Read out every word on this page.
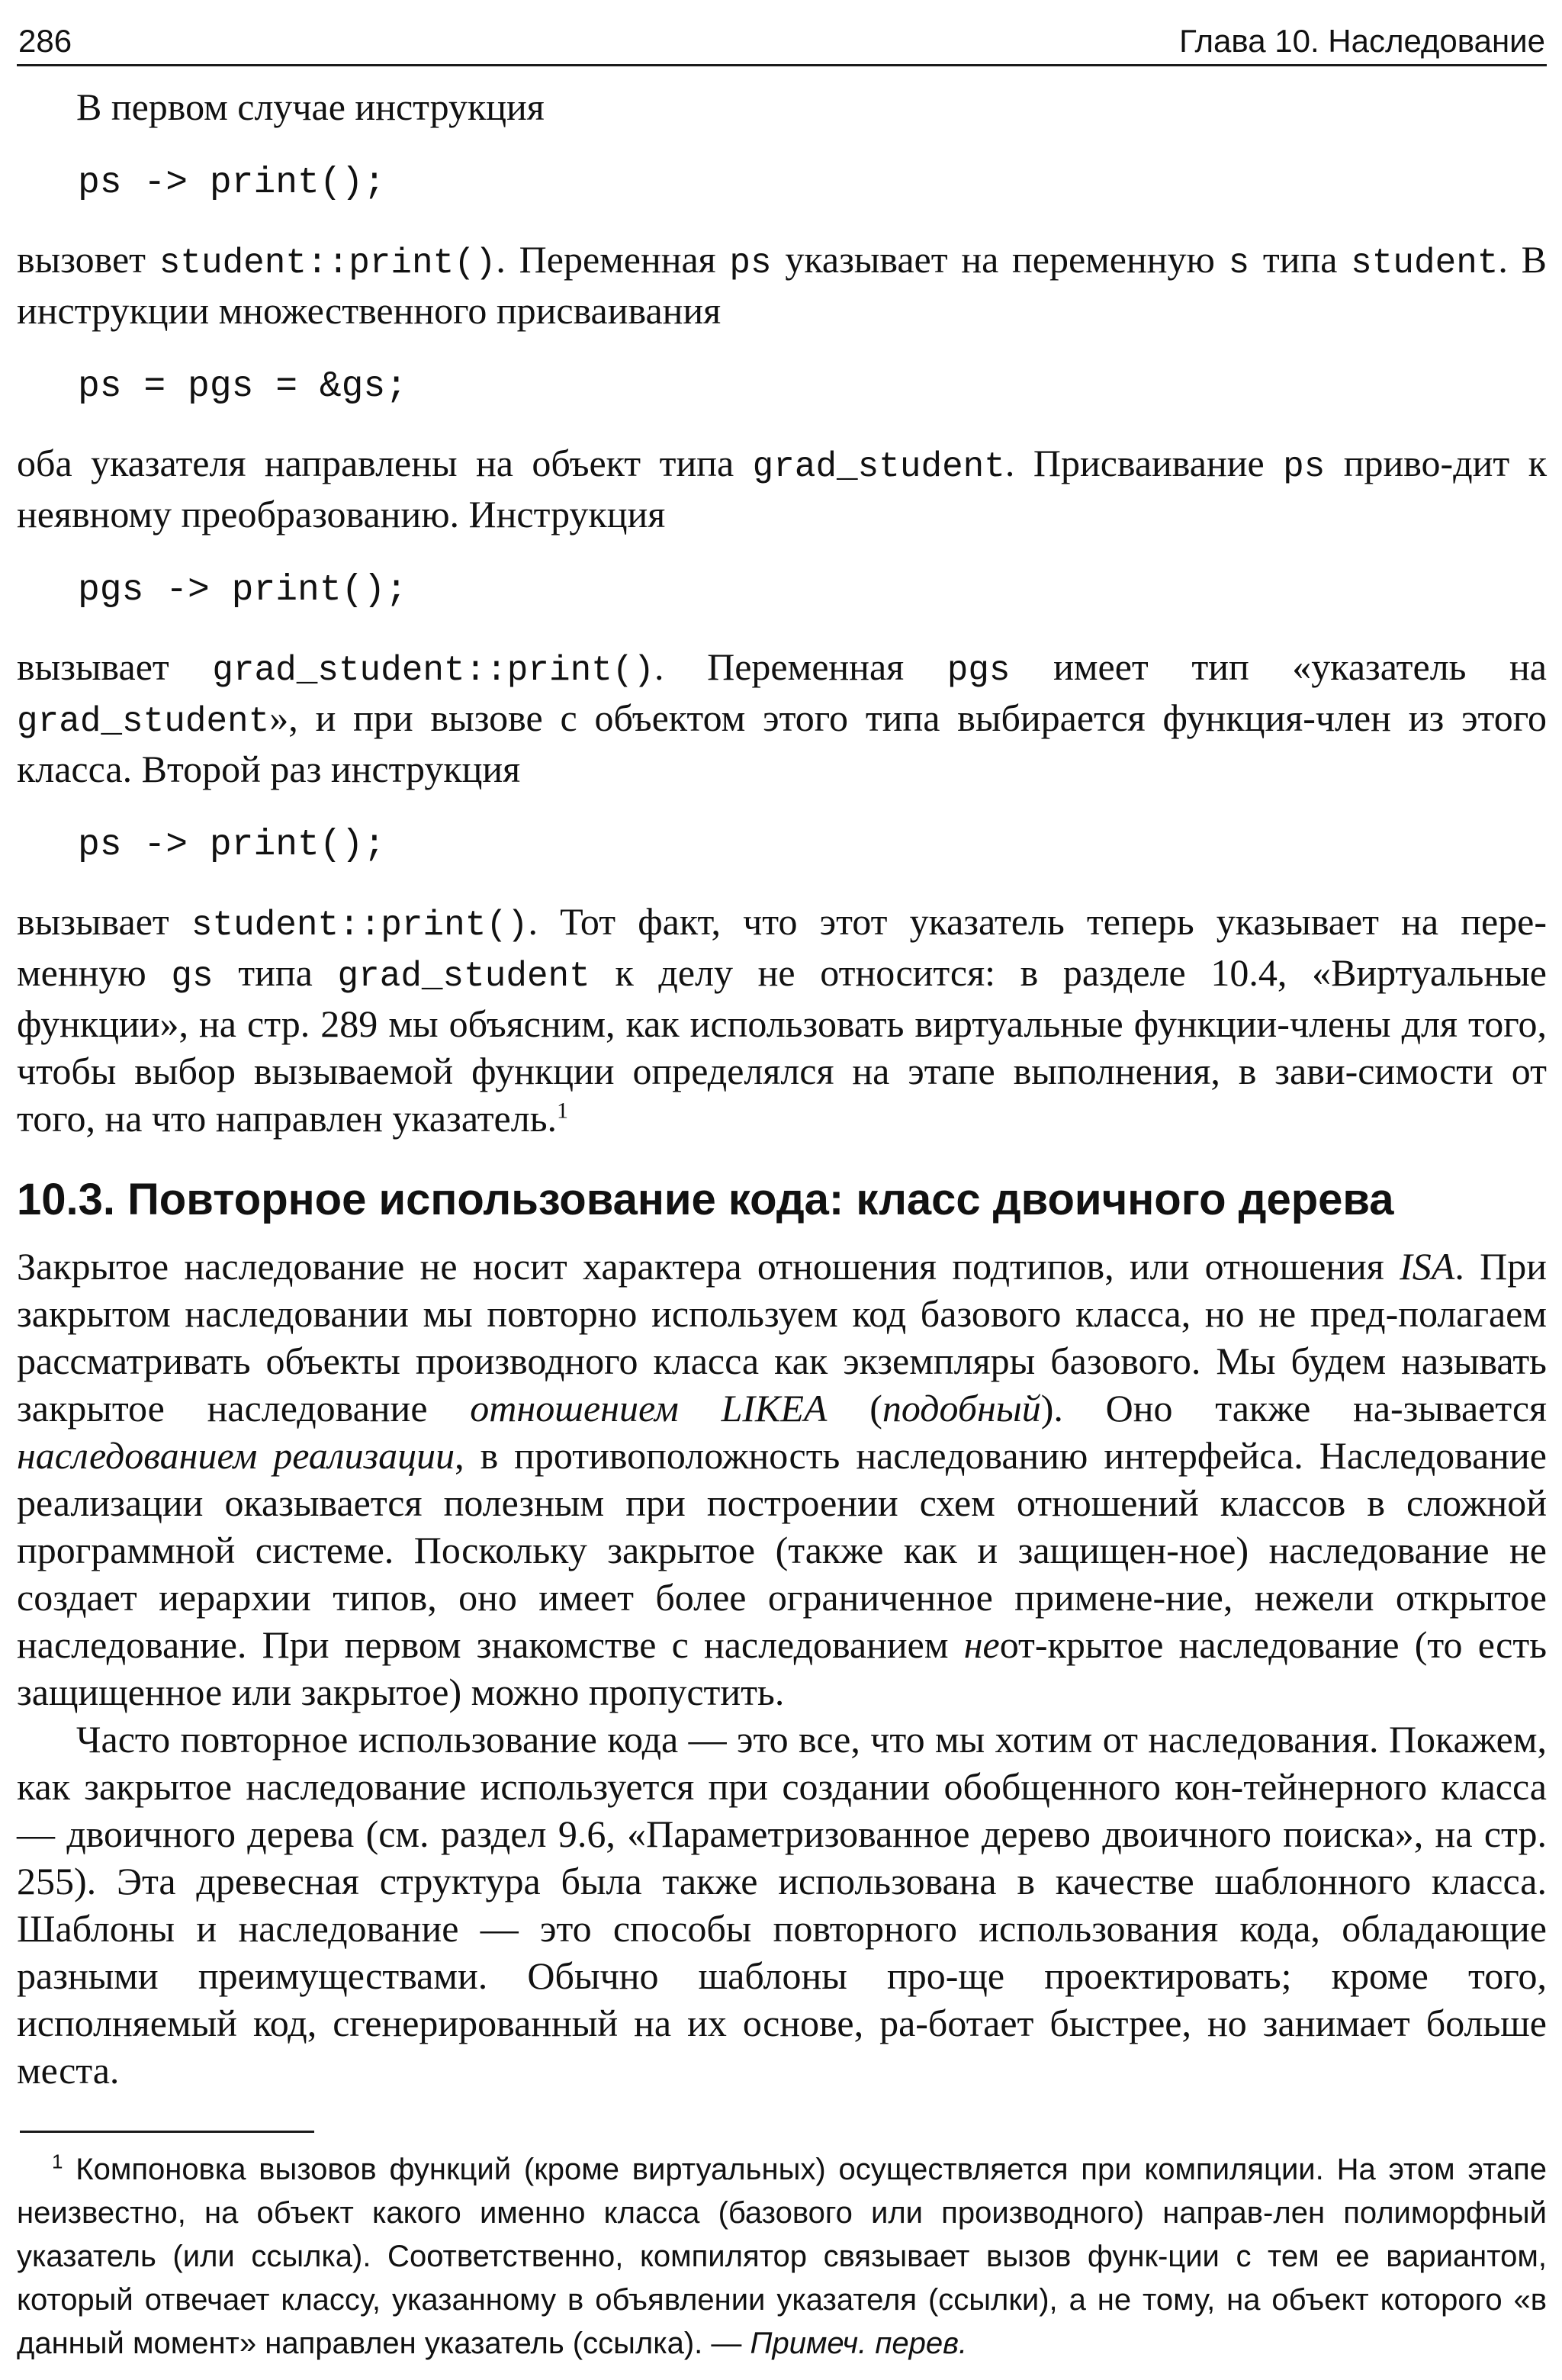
286	Глава 10. Наследование

В первом случае инструкция

ps -> print();

вызовет student::print(). Переменная ps указывает на переменную s типа student. В инструкции множественного присваивания

ps = pgs = &gs;

оба указателя направлены на объект типа grad_student. Присваивание ps приво-дит к неявному преобразованию. Инструкция

pgs -> print();

вызывает grad_student::print(). Переменная pgs имеет тип «указатель на grad_student», и при вызове с объектом этого типа выбирается функция-член из этого класса. Второй раз инструкция

ps -> print();

вызывает student::print(). Тот факт, что этот указатель теперь указывает на пере-менную gs типа grad_student к делу не относится: в разделе 10.4, «Виртуальные функции», на стр. 289 мы объясним, как использовать виртуальные функции-члены для того, чтобы выбор вызываемой функции определялся на этапе выполнения, в зави-симости от того, на что направлен указатель.$^1$

10.3. Повторное использование кода: класс двоичного дерева

Закрытое наследование не носит характера отношения подтипов, или отношения ISA. При закрытом наследовании мы повторно используем код базового класса, но не пред-полагаем рассматривать объекты производного класса как экземпляры базового. Мы будем называть закрытое наследование отношением LIKEA (подобный). Оно также на-зывается наследованием реализации, в противоположность наследованию интерфейса. Наследование реализации оказывается полезным при построении схем отношений классов в сложной программной системе. Поскольку закрытое (также как и защищен-ное) наследование не создает иерархии типов, оно имеет более ограниченное примене-ние, нежели открытое наследование. При первом знакомстве с наследованием неот-крытое наследование (то есть защищенное или закрытое) можно пропустить.

Часто повторное использование кода — это все, что мы хотим от наследования. Покажем, как закрытое наследование используется при создании обобщенного кон-тейнерного класса — двоичного дерева (см. раздел 9.6, «Параметризованное дерево двоичного поиска», на стр. 255). Эта древесная структура была также использована в качестве шаблонного класса. Шаблоны и наследование — это способы повторного использования кода, обладающие разными преимуществами. Обычно шаблоны про-ще проектировать; кроме того, исполняемый код, сгенерированный на их основе, ра-ботает быстрее, но занимает больше места.

$^1$ Компоновка вызовов функций (кроме виртуальных) осуществляется при компиляции. На этом этапе неизвестно, на объект какого именно класса (базового или производного) направ-лен полиморфный указатель (или ссылка). Соответственно, компилятор связывает вызов функ-ции с тем ее вариантом, который отвечает классу, указанному в объявлении указателя (ссылки), а не тому, на объект которого «в данный момент» направлен указатель (ссылка). — Примеч. перев.
